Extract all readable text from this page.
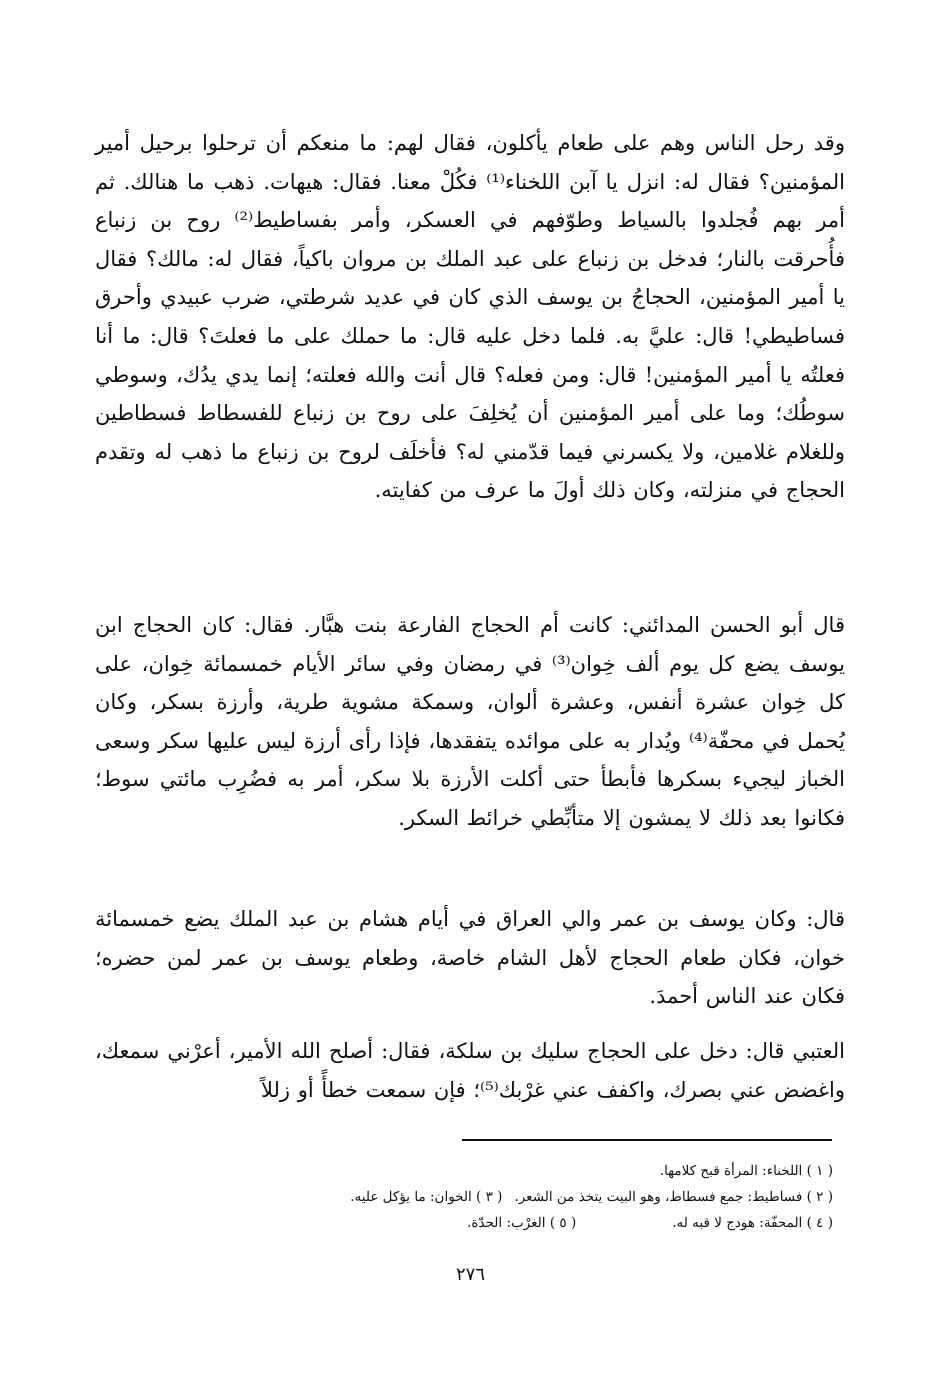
وقد رحل الناس وهم على طعام يأكلون، فقال لهم: ما منعكم أن ترحلوا برحيل أمير المؤمنين؟ فقال له: انزل يا آبن اللخناء⁽¹⁾ فكُلْ معنا. فقال: هيهات. ذهب ما هنالك. ثم أمر بهم فُجلدوا بالسياط وطوّفهم في العسكر، وأمر بفساطيط⁽²⁾ روح بن زنباع فأُحرقت بالنار؛ فدخل بن زنباع على عبد الملك بن مروان باكياً، فقال له: مالك؟ فقال يا أمير المؤمنين، الحجاجُ بن يوسف الذي كان في عديد شرطتي، ضرب عبيدي وأحرق فساطيطي! قال: عليَّ به. فلما دخل عليه قال: ما حملك على ما فعلتَ؟ قال: ما أنا فعلتُه يا أمير المؤمنين! قال: ومن فعله؟ قال أنت والله فعلته؛ إنما يدي يدُك، وسوطي سوطُك؛ وما على أمير المؤمنين أن يُخلِفَ على روح بن زنباع للفسطاط فسطاطين وللغلام غلامين، ولا يكسرني فيما قدّمني له؟ فأخلَف لروح بن زنباع ما ذهب له وتقدم الحجاج في منزلته، وكان ذلك أولَ ما عرف من كفايته.

قال أبو الحسن المدائني: كانت أم الحجاج الفارعة بنت هبَّار. فقال: كان الحجاج ابن يوسف يضع كل يوم ألف خِوان⁽³⁾ في رمضان وفي سائر الأيام خمسمائة خِوان، على كل خِوان عشرة أنفس، وعشرة ألوان، وسمكة مشوية طرية، وأرزة بسكر، وكان يُحمل في محفّة⁽⁴⁾ ويُدار به على موائده يتفقدها، فإذا رأى أرزة ليس عليها سكر وسعى الخباز ليجيء بسكرها فأبطأ حتى أكلت الأرزة بلا سكر، أمر به فضُرِب مائتي سوط؛ فكانوا بعد ذلك لا يمشون إلا متأبِّطي خرائط السكر.

قال: وكان يوسف بن عمر والي العراق في أيام هشام بن عبد الملك يضع خمسمائة خوان، فكان طعام الحجاج لأهل الشام خاصة، وطعام يوسف بن عمر لمن حضره؛ فكان عند الناس أحمدَ.

العتبي قال: دخل على الحجاج سليك بن سلكة، فقال: أصلح الله الأمير، أعرْني سمعك، واغضض عني بصرك، واكفف عني غرْبك⁽⁵⁾؛ فإن سمعت خطأً أو زللاً

( ١ ) اللخناء: المرأة قبح كلامها.
( ٢ ) فساطيط: جمع فسطاط، وهو البيت يتخذ من الشعر.
( ٣ ) الخوان: ما يؤكل عليه.
( ٤ ) المحفّة: هودج لا قبه له.
( ٥ ) الغرْب: الحدّة.
٢٧٦
